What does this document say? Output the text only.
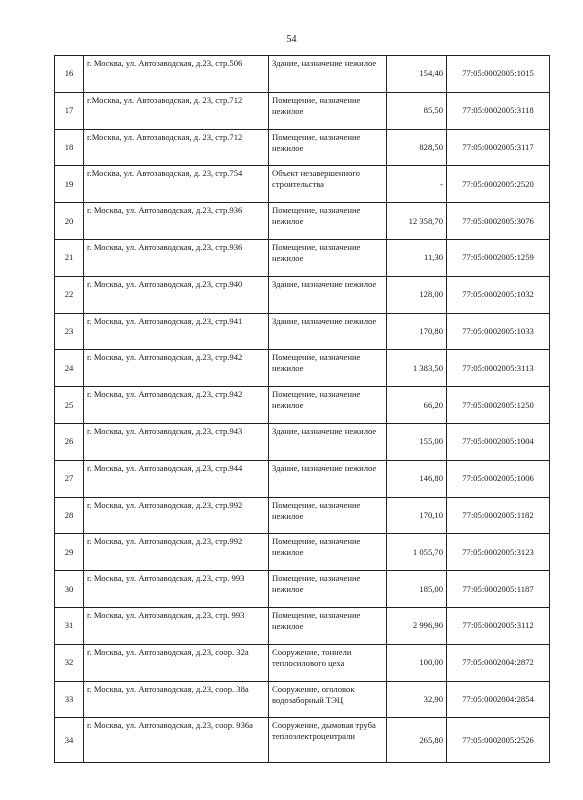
54
16	г. Москва, ул. Автозаводская, д.23, стр.506	Здание, назначение нежилое	154,40	77:05:0002005:1015
17	г.Москва, ул. Автозаводская, д. 23, стр.712	Помещение, назначение нежилое	85,50	77:05:0002005:3118
18	г.Москва, ул. Автозаводская, д. 23, стр.712	Помещение, назначение нежилое	828,50	77:05:0002005:3117
19	г.Москва, ул. Автозаводская, д. 23, стр.754	Объект незавершенного строительства	-	77:05:0002005:2520
20	г. Москва, ул. Автозаводская, д.23, стр.936	Помещение, назначение нежилое	12 358,70	77:05:0002005:3076
21	г. Москва, ул. Автозаводская, д.23, стр.936	Помещение, назначение нежилое	11,30	77:05:0002005:1259
22	г. Москва, ул. Автозаводская, д.23, стр.940	Здание, назначение нежилое	128,00	77:05:0002005:1032
23	г. Москва, ул. Автозаводская, д.23, стр.941	Здание, назначение нежилое	170,80	77:05:0002005:1033
24	г. Москва, ул. Автозаводская, д.23, стр.942	Помещение, назначение нежилое	1 383,50	77:05:0002005:3113
25	г. Москва, ул. Автозаводская, д.23, стр.942	Помещение, назначение нежилое	66,20	77:05:0002005:1250
26	г. Москва, ул. Автозаводская, д.23, стр.943	Здание, назначение нежилое	155,00	77:05:0002005:1004
27	г. Москва, ул. Автозаводская, д.23, стр.944	Здание, назначение нежилое	146,80	77:05:0002005:1006
28	г. Москва, ул. Автозаводская, д.23, стр.992	Помещение, назначение нежилое	170,10	77:05:0002005:1182
29	г. Москва, ул. Автозаводская, д.23, стр.992	Помещение, назначение нежилое	1 055,70	77:05:0002005:3123
30	г. Москва, ул. Автозаводская, д.23, стр. 993	Помещение, назначение нежилое	185,00	77:05:0002005:1187
31	г. Москва, ул. Автозаводская, д.23, стр. 993	Помещение, назначение нежилое	2 996,90	77:05:0002005:3112
32	г. Москва, ул. Автозаводская, д.23, соор. 32а	Сооружение, тоннели теплосилового цеха	100,00	77:05:0002004:2872
33	г. Москва, ул. Автозаводская, д.23, соор. 38а	Сооружение, оголовок водозаборный ТЭЦ	32,90	77:05:0002004:2854
34	г. Москва, ул. Автозаводская, д.23, соор. 936а	Сооружение, дымовая труба теплоэлектроцентрали	265,80	77:05:0002005:2526
